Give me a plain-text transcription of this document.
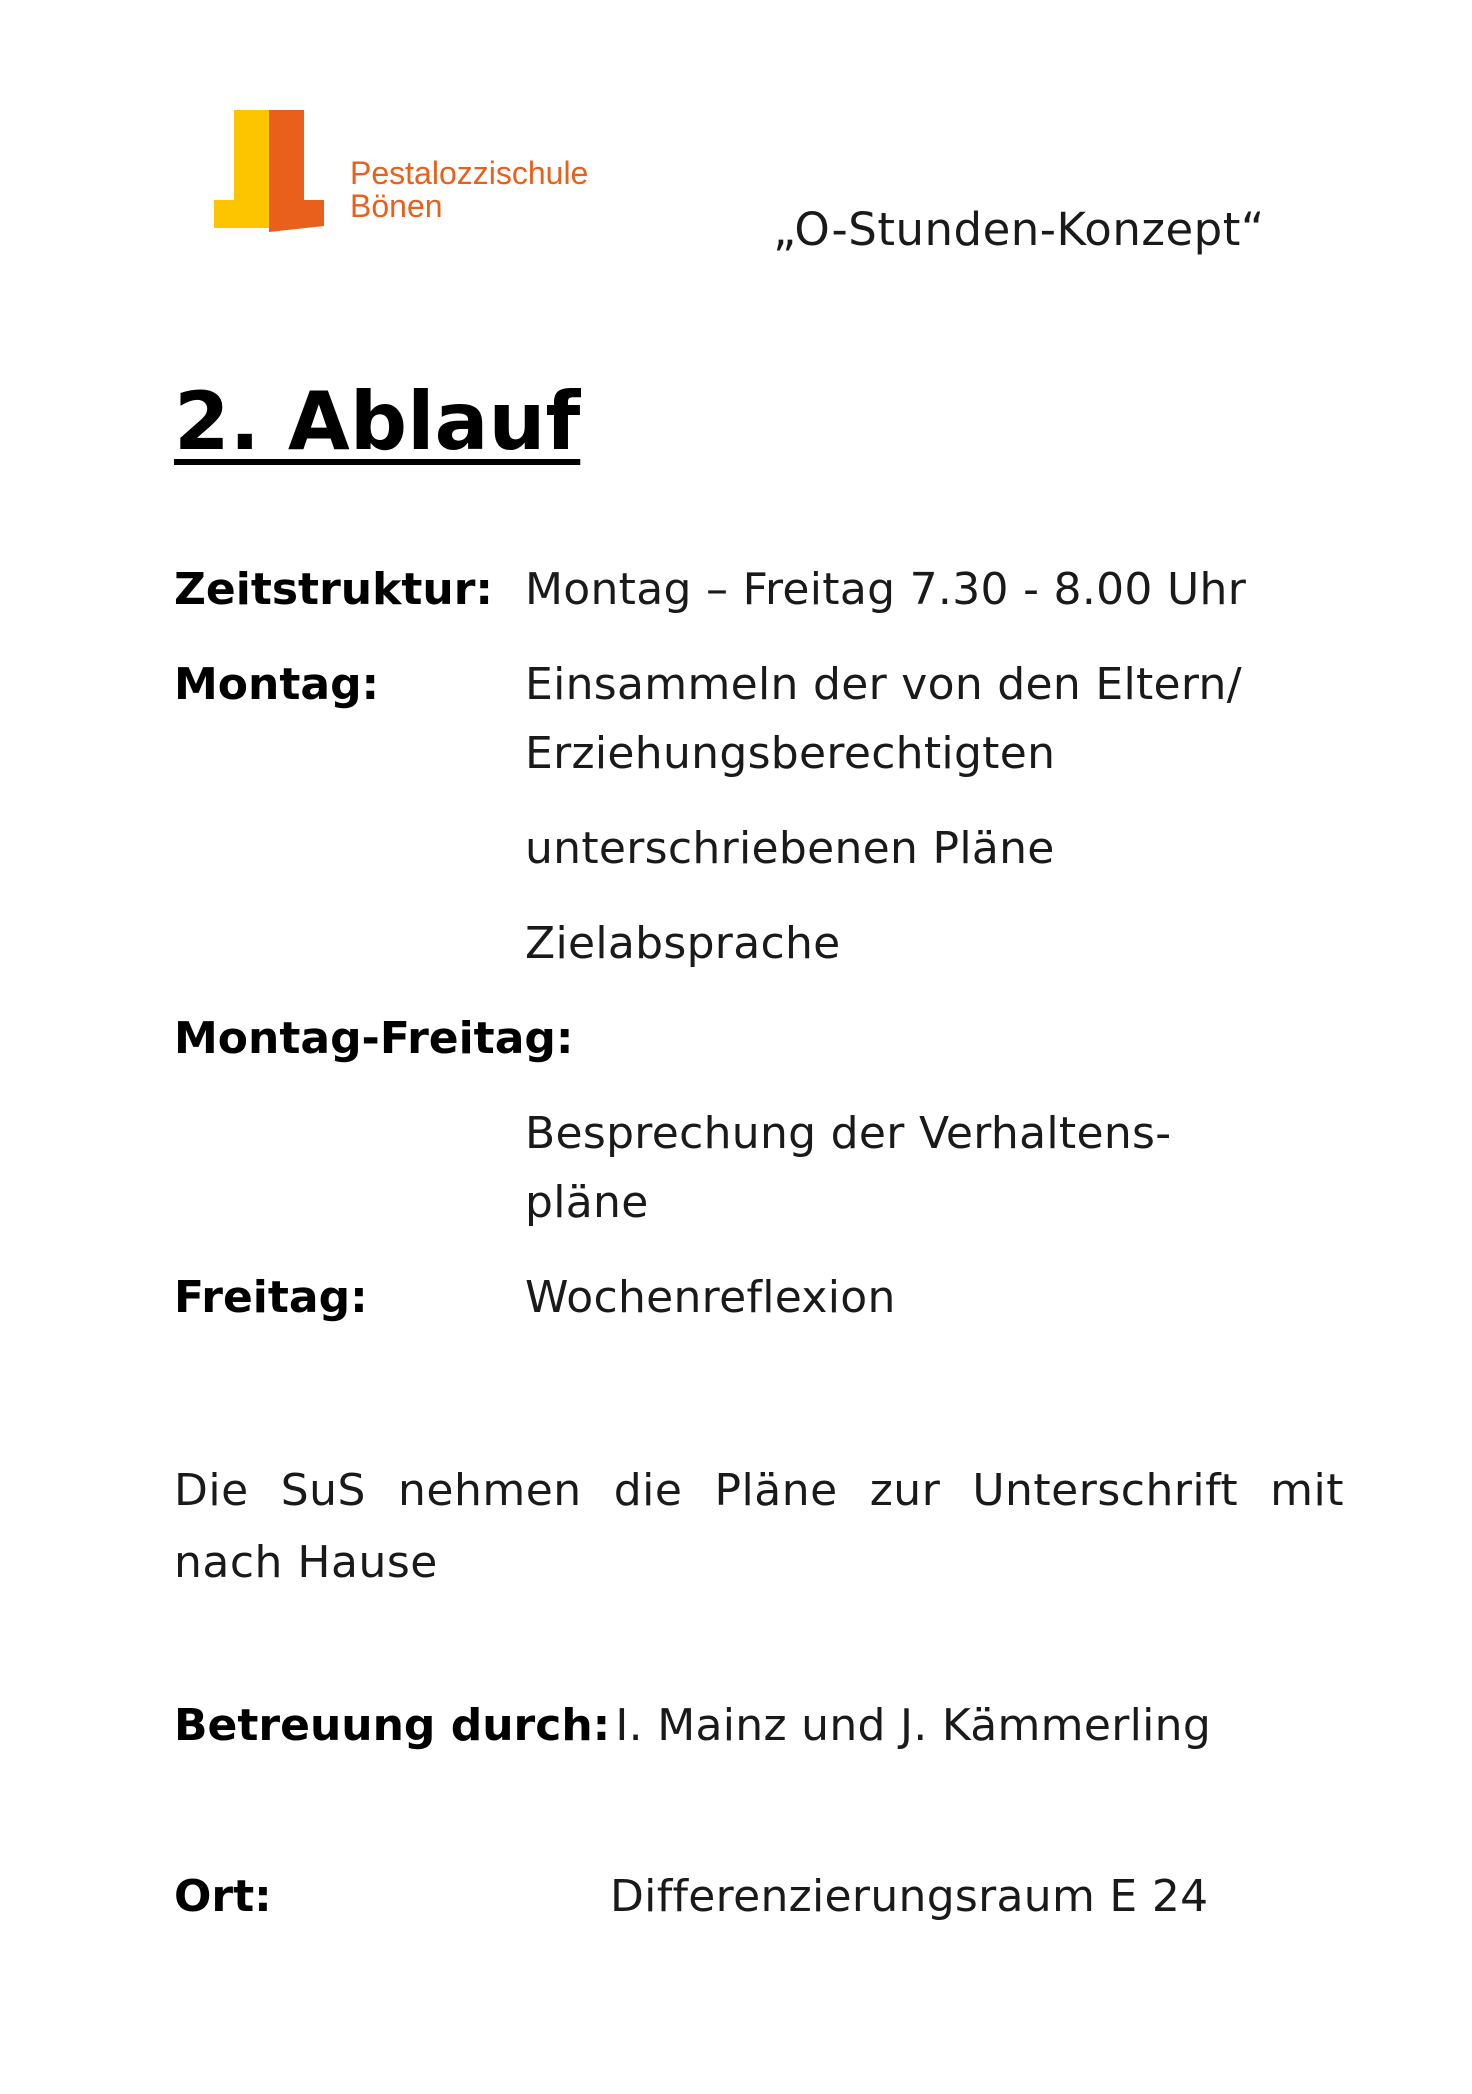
Pestalozzischule
Bönen	„O-Stunden-Konzept“
2. Ablauf
Zeitstruktur: Montag – Freitag 7.30 - 8.00 Uhr
Montag:	Einsammeln der von den Eltern/
Erziehungsberechtigten
unterschriebenen Pläne
Zielabsprache
Montag-Freitag:
Besprechung der Verhaltens-
pläne
Freitag:	Wochenreflexion
Die SuS nehmen die Pläne zur Unterschrift mit
nach Hause
Betreuung durch: I. Mainz und J. Kämmerling
Ort:	Differenzierungsraum E 24
